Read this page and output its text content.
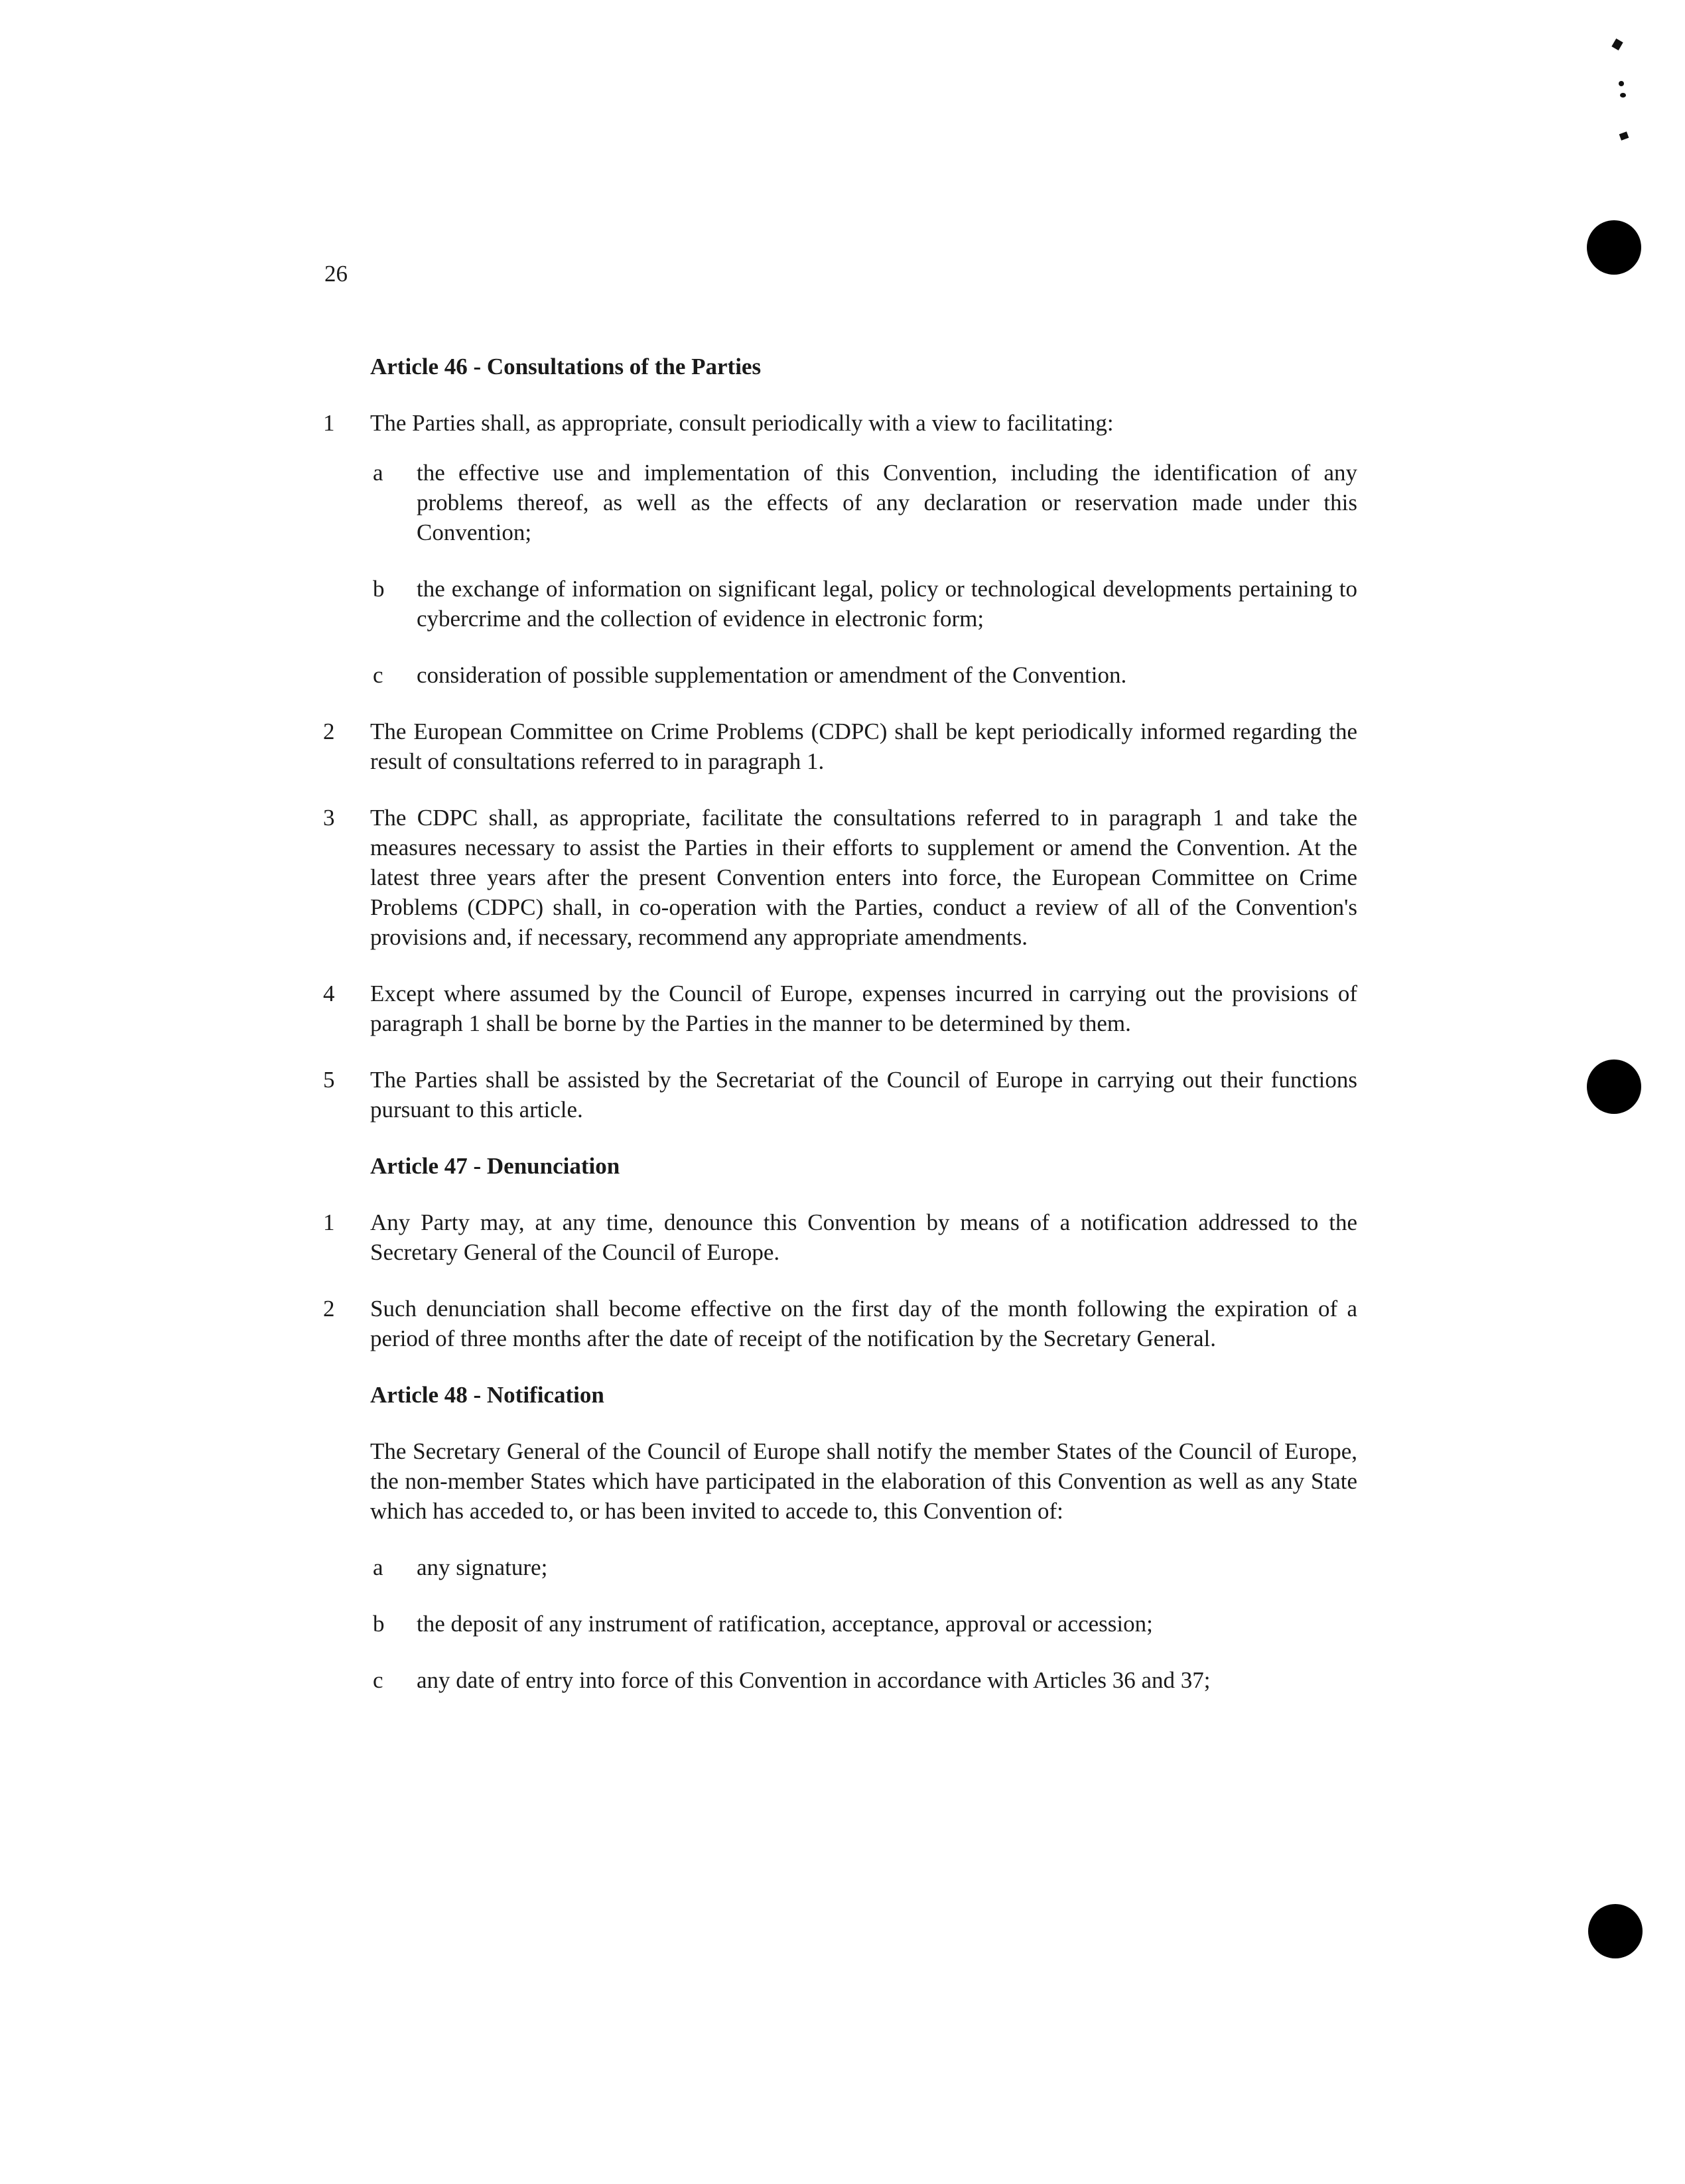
26
Article 46 - Consultations of the Parties
1	The Parties shall, as appropriate, consult periodically with a view to facilitating:
a	the effective use and implementation of this Convention, including the identification of any problems thereof, as well as the effects of any declaration or reservation made under this Convention;
b	the exchange of information on significant legal, policy or technological developments pertaining to cybercrime and the collection of evidence in electronic form;
c	consideration of possible supplementation or amendment of the Convention.
2	The European Committee on Crime Problems (CDPC) shall be kept periodically informed regarding the result of consultations referred to in paragraph 1.
3	The CDPC shall, as appropriate, facilitate the consultations referred to in paragraph 1 and take the measures necessary to assist the Parties in their efforts to supplement or amend the Convention. At the latest three years after the present Convention enters into force, the European Committee on Crime Problems (CDPC) shall, in co-operation with the Parties, conduct a review of all of the Convention's provisions and, if necessary, recommend any appropriate amendments.
4	Except where assumed by the Council of Europe, expenses incurred in carrying out the provisions of paragraph 1 shall be borne by the Parties in the manner to be determined by them.
5	The Parties shall be assisted by the Secretariat of the Council of Europe in carrying out their functions pursuant to this article.
Article 47 - Denunciation
1	Any Party may, at any time, denounce this Convention by means of a notification addressed to the Secretary General of the Council of Europe.
2	Such denunciation shall become effective on the first day of the month following the expiration of a period of three months after the date of receipt of the notification by the Secretary General.
Article 48 - Notification
The Secretary General of the Council of Europe shall notify the member States of the Council of Europe, the non-member States which have participated in the elaboration of this Convention as well as any State which has acceded to, or has been invited to accede to, this Convention of:
a	any signature;
b	the deposit of any instrument of ratification, acceptance, approval or accession;
c	any date of entry into force of this Convention in accordance with Articles 36 and 37;
